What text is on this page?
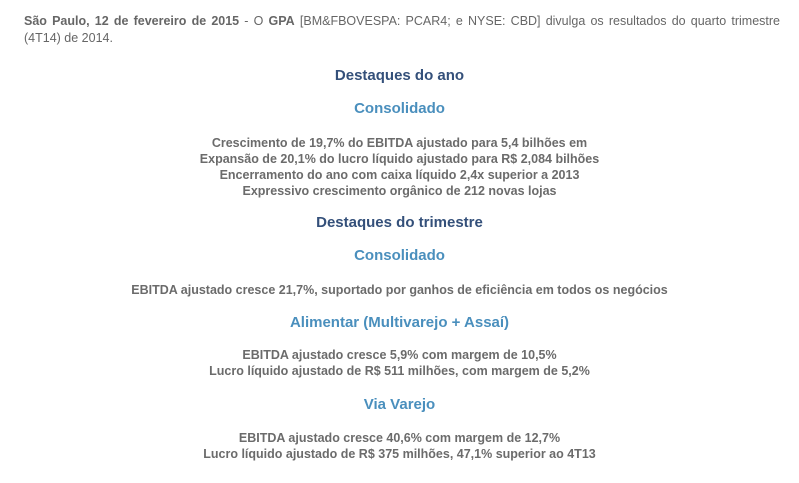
São Paulo, 12 de fevereiro de 2015 - O GPA [BM&FBOVESPA: PCAR4; e NYSE: CBD] divulga os resultados do quarto trimestre (4T14) de 2014.
Destaques do ano
Consolidado
Crescimento de 19,7% do EBITDA ajustado para 5,4 bilhões em
Expansão de 20,1% do lucro líquido ajustado para R$ 2,084 bilhões
Encerramento do ano com caixa líquido 2,4x superior a 2013
Expressivo crescimento orgânico de 212 novas lojas
Destaques do trimestre
Consolidado
EBITDA ajustado cresce 21,7%, suportado por ganhos de eficiência em todos os negócios
Alimentar (Multivarejo + Assaí)
EBITDA ajustado cresce 5,9% com margem de 10,5%
Lucro líquido ajustado de R$ 511 milhões, com margem de 5,2%
Via Varejo
EBITDA ajustado cresce 40,6% com margem de 12,7%
Lucro líquido ajustado de R$ 375 milhões, 47,1% superior ao 4T13
